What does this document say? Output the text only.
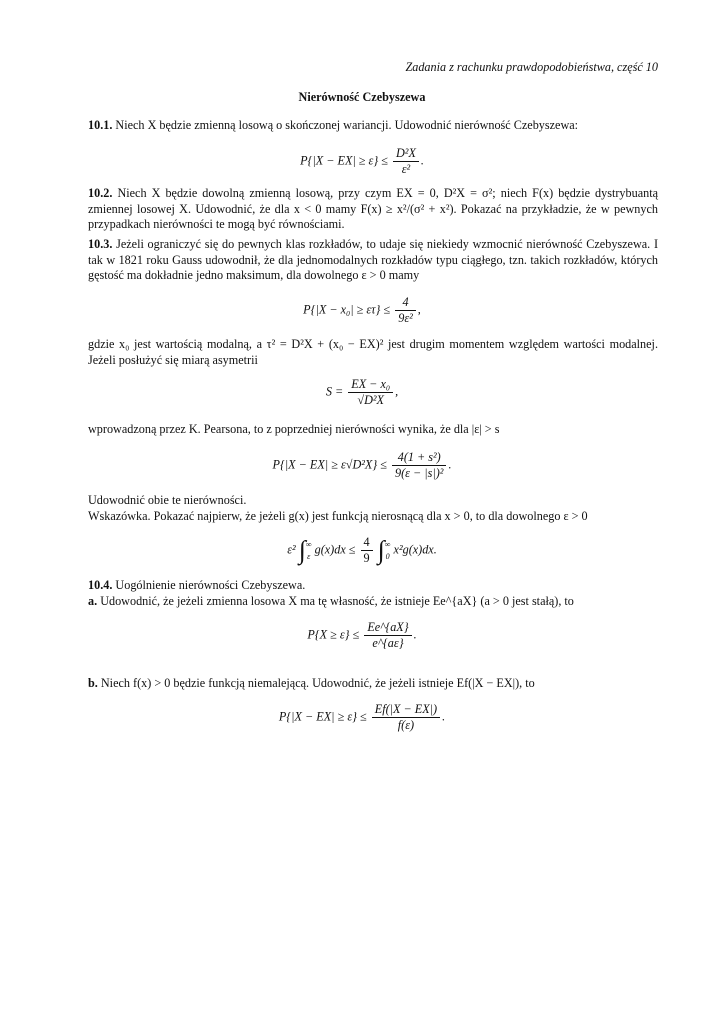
Zadania z rachunku prawdopodobieństwa, część 10
Nierówność Czebyszewa
10.1. Niech X będzie zmienną losową o skończonej wariancji. Udowodnić nierówność Czebyszewa:
$P\{|X - EX| \ge \varepsilon\} \le \frac{\text{D²X}}{\text{ε²}}$ .
10.2. Niech X będzie dowolną zmienną losową, przy czym EX = 0, D²X = σ²; niech F(x) będzie dystrybuantą zmiennej losowej X. Udowodnić, że dla x < 0 mamy F(x) ≥ x²/(σ² + x²). Pokazać na przykładzie, że w pewnych przypadkach nierówności te mogą być równościami.
10.3. Jeżeli ograniczyć się do pewnych klas rozkładów, to udaje się niekiedy wzmocnić nierówność Czebyszewa. I tak w 1821 roku Gauss udowodnił, że dla jednomodalnych rozkładów typu ciągłego, tzn. takich rozkładów, których gęstość ma dokładnie jedno maksimum, dla dowolnego ε > 0 mamy
$P\{|X - x_0| \ge \varepsilon\tau\} \le \frac{4}{\text{9ε²}}$ ,
gdzie x₀ jest wartością modalną, a τ² = D²X + (x₀ − EX)² jest drugim momentem względem wartości modalnej. Jeżeli posłużyć się miarą asymetrii
$S = \frac{\text{EX − x₀}}{\text{√D²X}}$ ,
wprowadzoną przez K. Pearsona, to z poprzedniej nierówności wynika, że dla |ε| > s
$P\{|X - EX| \ge \varepsilon√D^2X\} \le \frac{\text{4(1 + s²)}}{\text{9(ε − |s|)²}}$ .
Udowodnić obie te nierówności.
Wskazówka. Pokazać najpierw, że jeżeli g(x) jest funkcją nierosnącą dla x > 0, to dla dowolnego ε > 0
ε² ∫ ∞
ε $g(x)dx \le \frac{4}{9}$ ∫ ∞
0 x²g(x)dx.
10.4. Uogólnienie nierówności Czebyszewa.
a. Udowodnić, że jeżeli zmienna losowa X ma tę własność, że istnieje Ee^{aX} (a > 0 jest stałą), to
$P\{X \ge \varepsilon\} \le \frac{Ee\^{}\{aX\}}{e\^{}\{a\varepsilon\}}$ .
b. Niech f(x) > 0 będzie funkcją niemalejącą. Udowodnić, że jeżeli istnieje Ef(|X − EX|), to
$P\{|X - EX| \ge \varepsilon\} \le \frac{Ef(|X - EX|)}{f(\varepsilon)}$ .
